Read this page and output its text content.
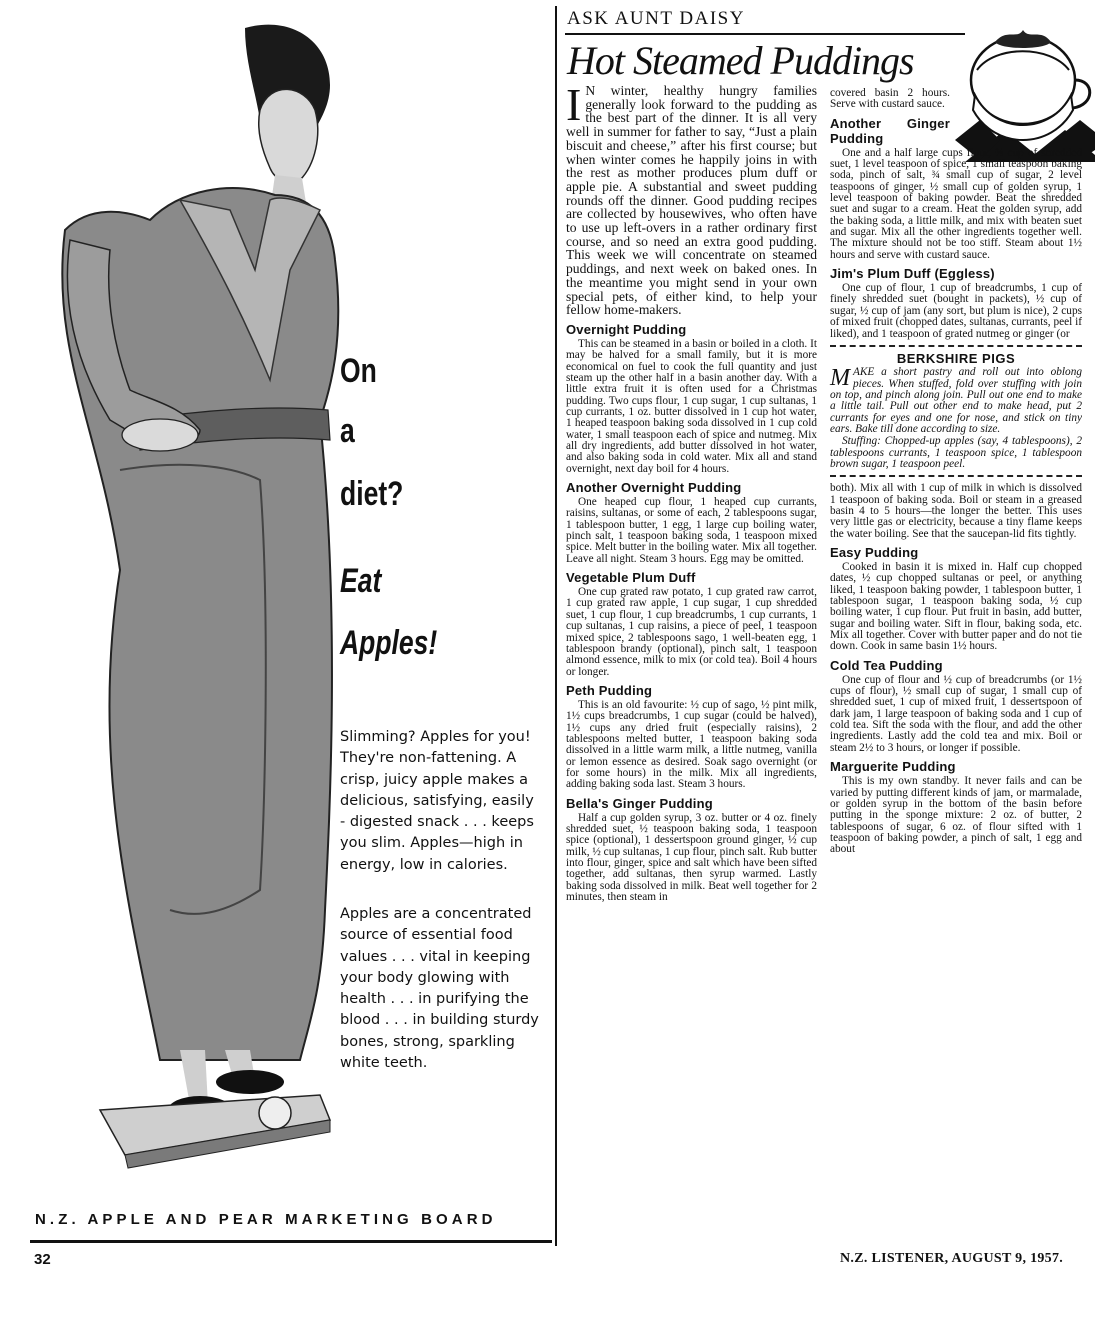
On
a
diet?
Eat
Apples!

Slimming? Apples for you! They're non-fattening. A crisp, juicy apple makes a delicious, satisfying, easily - digested snack . . . keeps you slim. Apples—high in energy, low in calories.

Apples are a concentrated source of essential food values . . . vital in keeping your body glowing with health . . . in purifying the blood . . . in building sturdy bones, strong, sparkling white teeth.

N.Z. APPLE AND PEAR MARKETING BOARD
32	N.Z. LISTENER, AUGUST 9, 1957.
ASK AUNT DAISY
Hot Steamed Puddings

I N winter, healthy hungry families generally look forward to the pudding as the best part of the dinner. It is all very well in summer for father to say, “Just a plain biscuit and cheese,” after his first course; but when winter comes he happily joins in with the rest as mother produces plum duff or apple pie. A substantial and sweet pudding rounds off the dinner. Good pudding recipes are collected by housewives, who often have to use up left-overs in a rather ordinary first course, and so need an extra good pudding. This week we will concentrate on steamed puddings, and next week on baked ones. In the meantime you might send in your own special pets, of either kind, to help your fellow home-makers.

Overnight Pudding

This can be steamed in a basin or boiled in a cloth. It may be halved for a small family, but it is more economical on fuel to cook the full quantity and just steam up the other half in a basin another day. With a little extra fruit it is often used for a Christmas pudding. Two cups flour, 1 cup sugar, 1 cup sultanas, 1 cup currants, 1 oz. butter dissolved in 1 cup hot water, 1 heaped teaspoon baking soda dissolved in 1 cup cold water, 1 small teaspoon each of spice and nutmeg. Mix all dry ingredients, add butter dissolved in hot water, and also baking soda in cold water. Mix all and stand overnight, next day boil for 4 hours.

Another Overnight Pudding

One heaped cup flour, 1 heaped cup currants, raisins, sultanas, or some of each, 2 tablespoons sugar, 1 tablespoon butter, 1 egg, 1 large cup boiling water, pinch salt, 1 teaspoon baking soda, 1 teaspoon mixed spice. Melt butter in the boiling water. Mix all together. Leave all night. Steam 3 hours. Egg may be omitted.

Vegetable Plum Duff

One cup grated raw potato, 1 cup grated raw carrot, 1 cup grated raw apple, 1 cup sugar, 1 cup shredded suet, 1 cup flour, 1 cup breadcrumbs, 1 cup currants, 1 cup sultanas, 1 cup raisins, a piece of peel, 1 teaspoon mixed spice, 2 tablespoons sago, 1 well-beaten egg, 1 tablespoon brandy (optional), pinch salt, 1 teaspoon almond essence, milk to mix (or cold tea). Boil 4 hours or longer.

Peth Pudding

This is an old favourite: ½ cup of sago, ½ pint milk, 1½ cups breadcrumbs, 1 cup sugar (could be halved), 1½ cups any dried fruit (especially raisins), 2 tablespoons melted butter, 1 teaspoon baking soda dissolved in a little warm milk, a little nutmeg, vanilla or lemon essence as desired. Soak sago overnight (or for some hours) in the milk. Mix all ingredients, adding baking soda last. Steam 3 hours.

Bella's Ginger Pudding

Half a cup golden syrup, 3 oz. butter or 4 oz. finely shredded suet, ½ teaspoon baking soda, 1 teaspoon spice (optional), 1 dessertspoon ground ginger, ½ cup milk, ½ cup sultanas, 1 cup flour, pinch salt. Rub butter into flour, ginger, spice and salt which have been sifted together, add sultanas, then syrup warmed. Lastly baking soda dissolved in milk. Beat well together for 2 minutes, then steam in

covered basin 2 hours. Serve with custard sauce.

Another Ginger Pudding

One and a half large cups flour, ¾ cup of shredded suet, 1 level teaspoon of spice, 1 small teaspoon baking soda, pinch of salt, ¾ small cup of sugar, 2 level teaspoons of ginger, ½ small cup of golden syrup, 1 level teaspoon of baking powder. Beat the shredded suet and sugar to a cream. Heat the golden syrup, add the baking soda, a little milk, and mix with beaten suet and sugar. Mix all the other ingredients together well. The mixture should not be too stiff. Steam about 1½ hours and serve with custard sauce.

Jim's Plum Duff (Eggless)

One cup of flour, 1 cup of breadcrumbs, 1 cup of finely shredded suet (bought in packets), ½ cup of sugar, ½ cup of jam (any sort, but plum is nice), 2 cups of mixed fruit (chopped dates, sultanas, currants, peel if liked), and 1 teaspoon of grated nutmeg or ginger (or

BERKSHIRE PIGS

MAKE a short pastry and roll out into oblong pieces. When stuffed, fold over stuffing with join on top, and pinch along join. Pull out one end to make a little tail. Pull out other end to make head, put 2 currants for eyes and one for nose, and stick on tiny ears. Bake till done according to size.

Stuffing: Chopped-up apples (say, 4 tablespoons), 2 tablespoons currants, 1 teaspoon spice, 1 tablespoon brown sugar, 1 teaspoon peel.

both). Mix all with 1 cup of milk in which is dissolved 1 teaspoon of baking soda. Boil or steam in a greased basin 4 to 5 hours—the longer the better. This uses very little gas or electricity, because a tiny flame keeps the water boiling. See that the saucepan-lid fits tightly.

Easy Pudding

Cooked in basin it is mixed in. Half cup chopped dates, ½ cup chopped sultanas or peel, or anything liked, 1 teaspoon baking powder, 1 tablespoon butter, 1 tablespoon sugar, 1 teaspoon baking soda, ½ cup boiling water, 1 cup flour. Put fruit in basin, add butter, sugar and boiling water. Sift in flour, baking soda, etc. Mix all together. Cover with butter paper and do not tie down. Cook in same basin 1½ hours.

Cold Tea Pudding

One cup of flour and ½ cup of breadcrumbs (or 1½ cups of flour), ½ small cup of sugar, 1 small cup of shredded suet, 1 cup of mixed fruit, 1 dessertspoon of dark jam, 1 large teaspoon of baking soda and 1 cup of cold tea. Sift the soda with the flour, and add the other ingredients. Lastly add the cold tea and mix. Boil or steam 2½ to 3 hours, or longer if possible.

Marguerite Pudding

This is my own standby. It never fails and can be varied by putting different kinds of jam, or marmalade, or golden syrup in the bottom of the basin before putting in the sponge mixture: 2 oz. of butter, 2 tablespoons of sugar, 6 oz. of flour sifted with 1 teaspoon of baking powder, a pinch of salt, 1 egg and about
